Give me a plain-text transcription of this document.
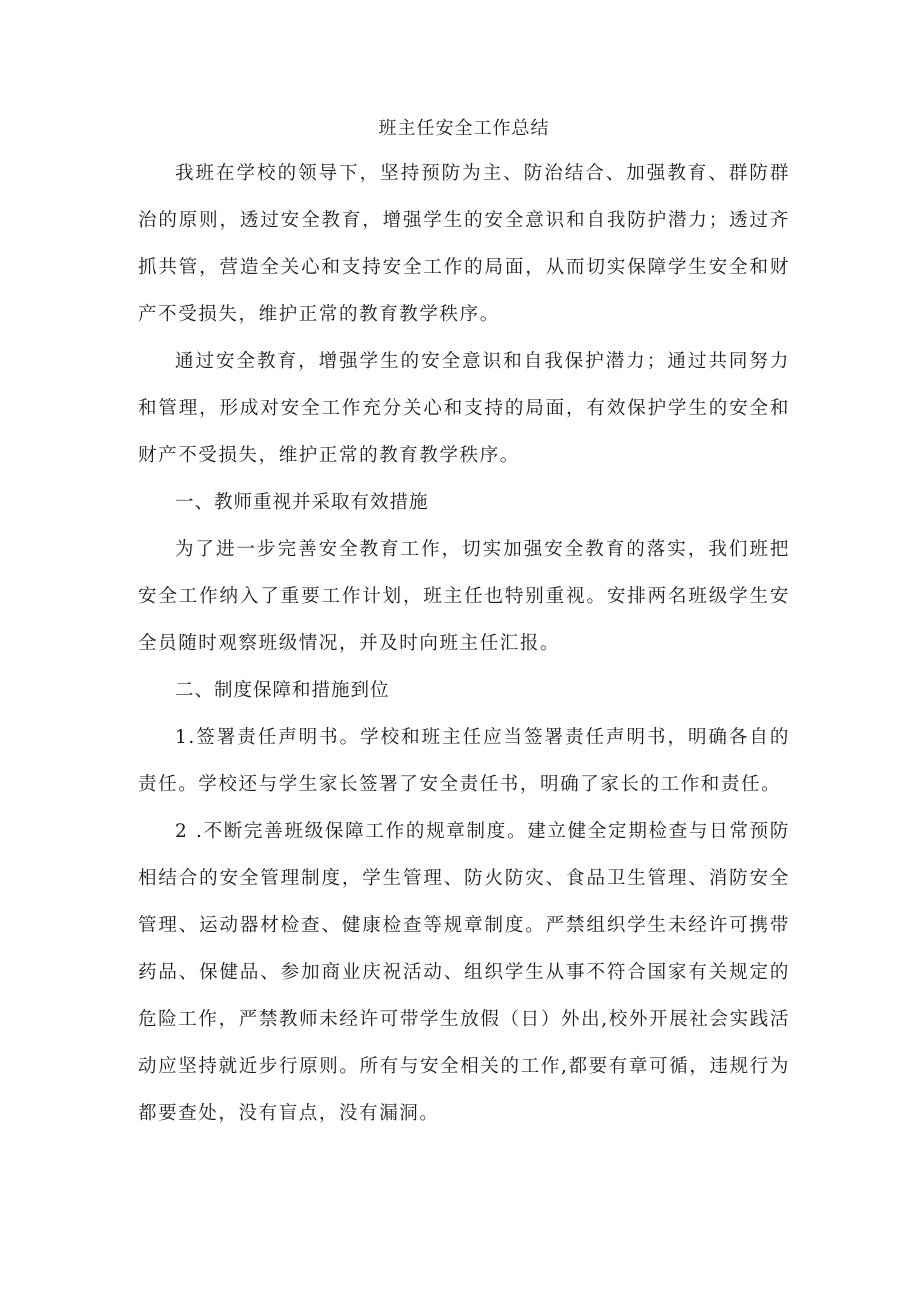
班主任安全工作总结

我班在学校的领导下，坚持预防为主、防治结合、加强教育、群防群治的原则，透过安全教育，增强学生的安全意识和自我防护潜力；透过齐抓共管，营造全关心和支持安全工作的局面，从而切实保障学生安全和财产不受损失，维护正常的教育教学秩序。

通过安全教育，增强学生的安全意识和自我保护潜力；通过共同努力和管理，形成对安全工作充分关心和支持的局面，有效保护学生的安全和财产不受损失，维护正常的教育教学秩序。

一、教师重视并采取有效措施

为了进一步完善安全教育工作，切实加强安全教育的落实，我们班把安全工作纳入了重要工作计划，班主任也特别重视。安排两名班级学生安全员随时观察班级情况，并及时向班主任汇报。

二、制度保障和措施到位

1.签署责任声明书。学校和班主任应当签署责任声明书，明确各自的责任。学校还与学生家长签署了安全责任书，明确了家长的工作和责任。

2 .不断完善班级保障工作的规章制度。建立健全定期检查与日常预防相结合的安全管理制度，学生管理、防火防灾、食品卫生管理、消防安全管理、运动器材检查、健康检查等规章制度。严禁组织学生未经许可携带药品、保健品、参加商业庆祝活动、组织学生从事不符合国家有关规定的危险工作，严禁教师未经许可带学生放假（日）外出,校外开展社会实践活动应坚持就近步行原则。所有与安全相关的工作,都要有章可循，违规行为都要查处，没有盲点，没有漏洞。
